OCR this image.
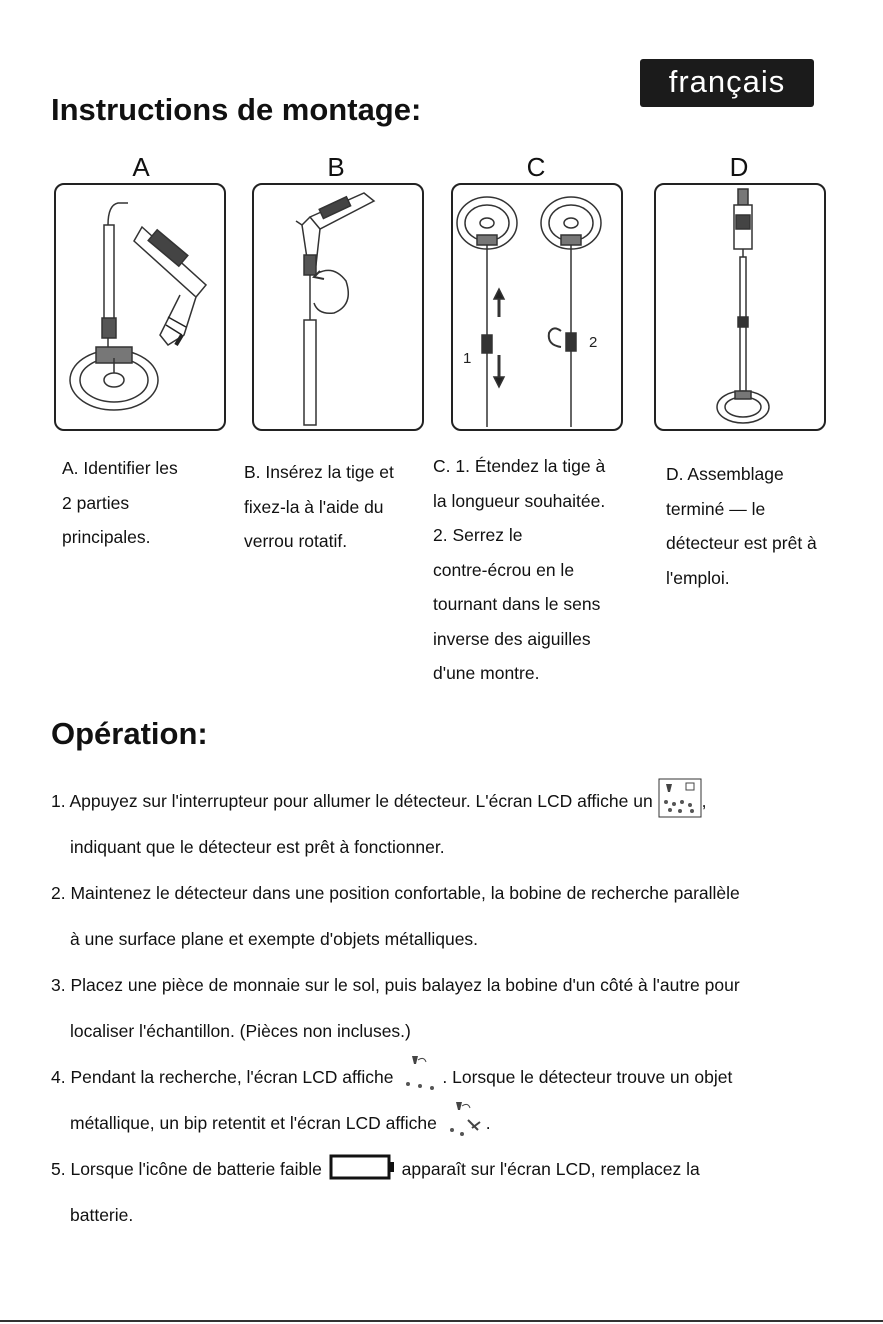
français
Instructions de montage:
A	B	C	D
1
2

A. Identifier les

2 parties

principales.

B. Insérez la tige et

fixez-la à l'aide du

verrou rotatif.

C. 1. Étendez la tige à

la longueur souhaitée.

2. Serrez le

contre-écrou en le

tournant dans le sens

inverse des aiguilles

d'une montre.

D. Assemblage

terminé — le

détecteur est prêt à

l'emploi.

Opération:
1. Appuyez sur l'interrupteur pour allumer le détecteur. L'écran LCD affiche un	,
indiquant que le détecteur est prêt à fonctionner.
2. Maintenez le détecteur dans une position confortable, la bobine de recherche parallèle
à une surface plane et exempte d'objets métalliques.
3. Placez une pièce de monnaie sur le sol, puis balayez la bobine d'un côté à l'autre pour
localiser l'échantillon. (Pièces non incluses.)
4. Pendant la recherche, l'écran LCD affiche	. Lorsque le détecteur trouve un objet
métallique, un bip retentit et l'écran LCD affiche	.
5. Lorsque l'icône de batterie faible	apparaît sur l'écran LCD, remplacez la
batterie.
